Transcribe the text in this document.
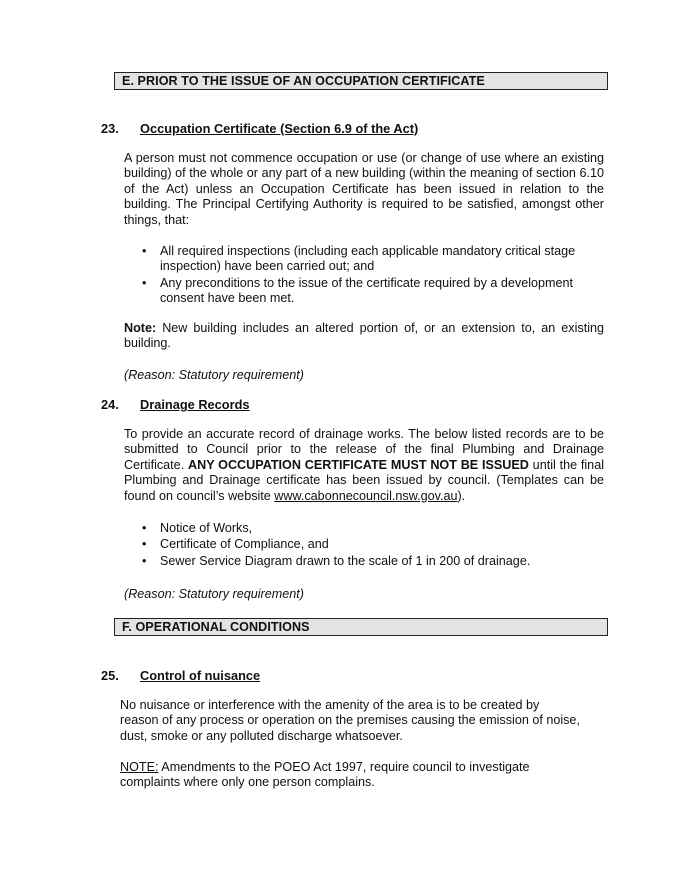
E. PRIOR TO THE ISSUE OF AN OCCUPATION CERTIFICATE
23. Occupation Certificate (Section 6.9 of the Act)
A person must not commence occupation or use (or change of use where an existing building) of the whole or any part of a new building (within the meaning of section 6.10 of the Act) unless an Occupation Certificate has been issued in relation to the building. The Principal Certifying Authority is required to be satisfied, amongst other things, that:
• All required inspections (including each applicable mandatory critical stage inspection) have been carried out; and
• Any preconditions to the issue of the certificate required by a development consent have been met.
Note: New building includes an altered portion of, or an extension to, an existing building.
(Reason: Statutory requirement)
24. Drainage Records
To provide an accurate record of drainage works. The below listed records are to be submitted to Council prior to the release of the final Plumbing and Drainage Certificate. ANY OCCUPATION CERTIFICATE MUST NOT BE ISSUED until the final Plumbing and Drainage certificate has been issued by council. (Templates can be found on council’s website www.cabonnecouncil.nsw.gov.au).
• Notice of Works,
• Certificate of Compliance, and
• Sewer Service Diagram drawn to the scale of 1 in 200 of drainage.
(Reason: Statutory requirement)
F. OPERATIONAL CONDITIONS
25. Control of nuisance
No nuisance or interference with the amenity of the area is to be created by reason of any process or operation on the premises causing the emission of noise, dust, smoke or any polluted discharge whatsoever.
NOTE: Amendments to the POEO Act 1997, require council to investigate complaints where only one person complains.
